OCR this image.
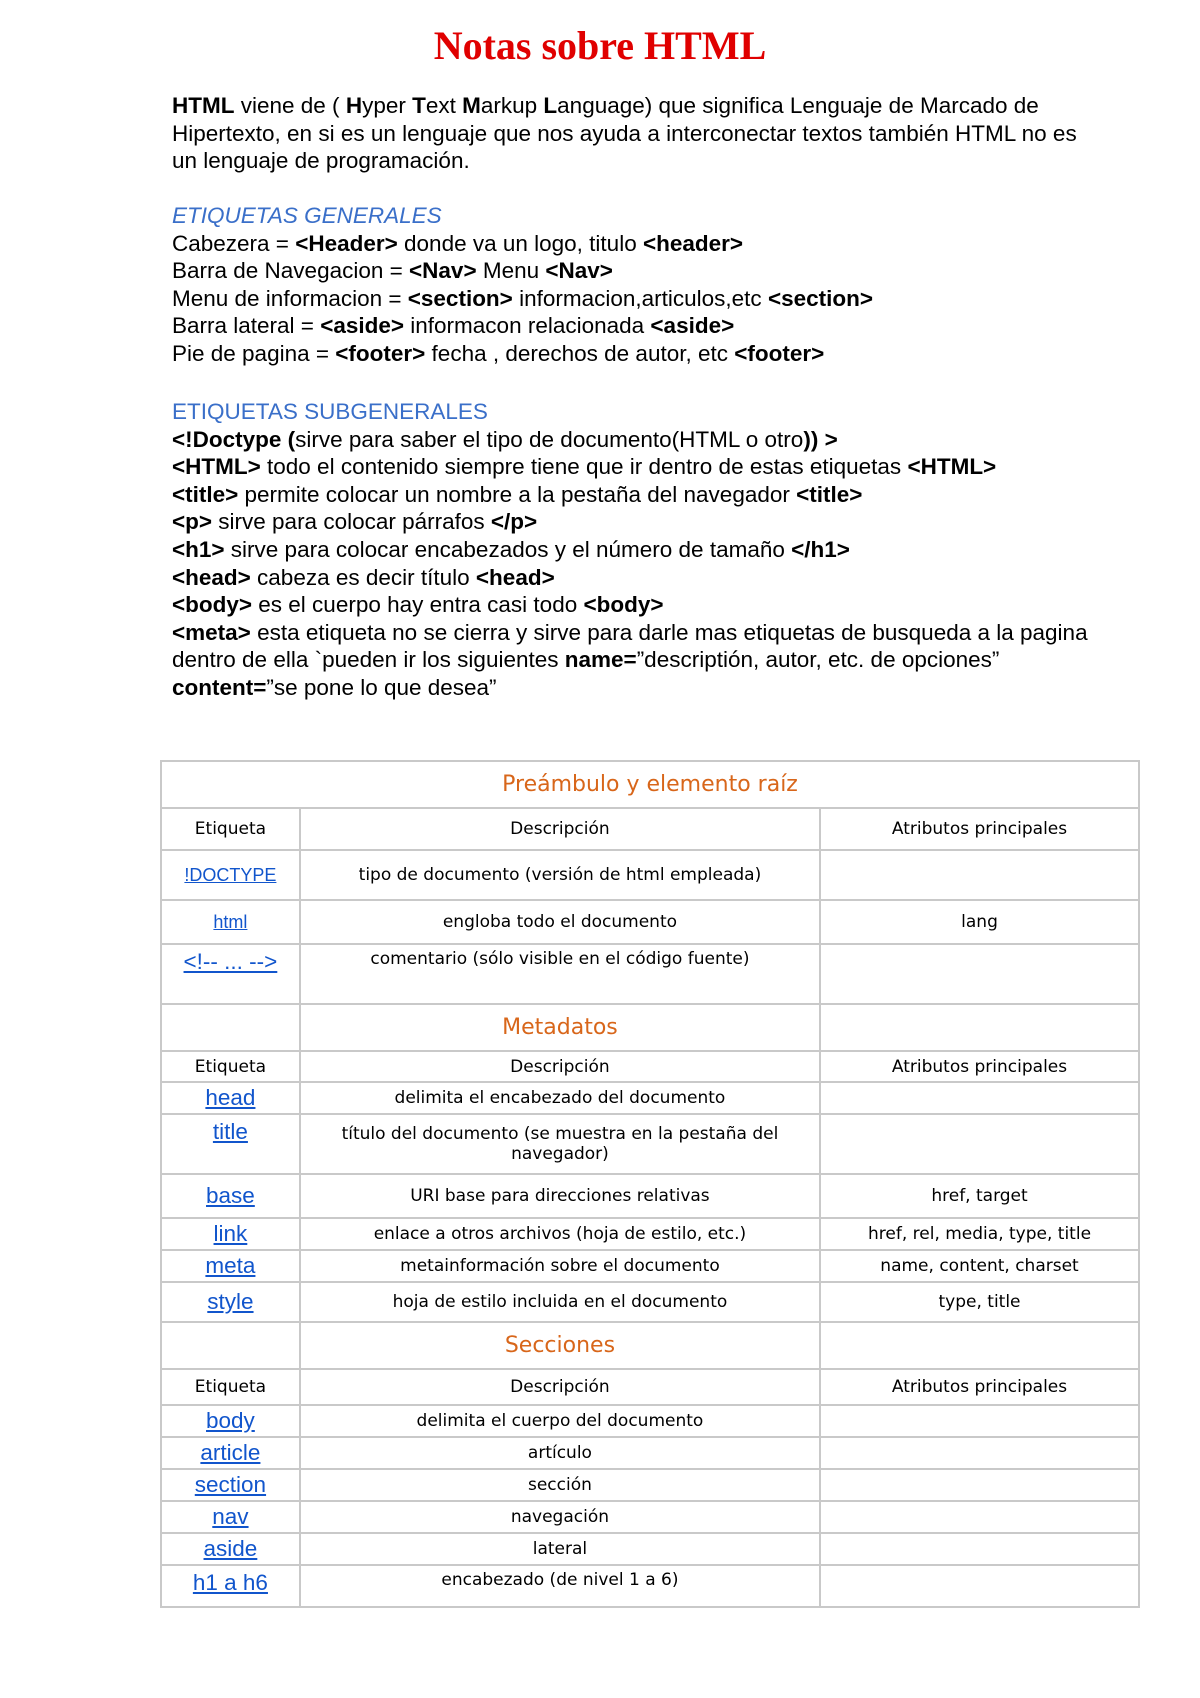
Notas sobre HTML
HTML viene de ( Hyper Text Markup Language) que significa Lenguaje de Marcado de Hipertexto, en si es un lenguaje que nos ayuda a interconectar textos también HTML no es un lenguaje de programación.
ETIQUETAS GENERALES
Cabezera = <Header> donde va un logo, titulo <header>
Barra de Navegacion = <Nav> Menu <Nav>
Menu de informacion = <section> informacion,articulos,etc <section>
Barra lateral = <aside> informacon relacionada <aside>
Pie de pagina = <footer> fecha , derechos de autor, etc <footer>
ETIQUETAS SUBGENERALES
<!Doctype (sirve para saber el tipo de documento(HTML o otro)) >
<HTML> todo el contenido siempre tiene que ir dentro de estas etiquetas <HTML>
<title> permite colocar un nombre a la pestaña del navegador <title>
<p> sirve para colocar párrafos </p>
<h1> sirve para colocar encabezados y el número de tamaño </h1>
<head> cabeza es decir título <head>
<body> es el cuerpo hay entra casi todo <body>
<meta> esta etiqueta no se cierra y sirve para darle mas etiquetas de busqueda a la pagina dentro de ella `pueden ir los siguientes name=”descriptión, autor, etc. de opciones” content=”se pone lo que desea”
Preámbulo y elemento raíz		
Etiqueta	Descripción	Atributos principales
!DOCTYPE	tipo de documento (versión de html empleada)	
html	engloba todo el documento	lang
<!-- ... -->	comentario (sólo visible en el código fuente)	
	Metadatos	
Etiqueta	Descripción	Atributos principales
head	delimita el encabezado del documento	
title	título del documento (se muestra en la pestaña del navegador)	
base	URI base para direcciones relativas	href, target
link	enlace a otros archivos (hoja de estilo, etc.)	href, rel, media, type, title
meta	metainformación sobre el documento	name, content, charset
style	hoja de estilo incluida en el documento	type, title
	Secciones	
Etiqueta	Descripción	Atributos principales
body	delimita el cuerpo del documento	
article	artículo	
section	sección	
nav	navegación	
aside	lateral	
h1 a h6	encabezado (de nivel 1 a 6)	
